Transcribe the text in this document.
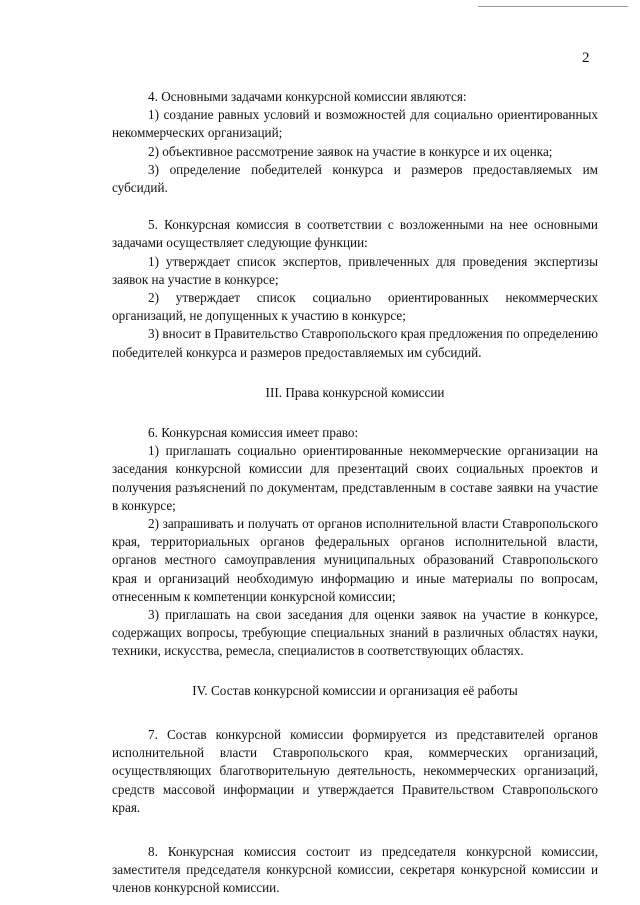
2

4. Основными задачами конкурсной комиссии являются:

1) создание равных условий и возможностей для социально ориентированных некоммерческих организаций;

2) объективное рассмотрение заявок на участие в конкурсе и их оценка;

3) определение победителей конкурса и размеров предоставляемых им субсидий.

5. Конкурсная комиссия в соответствии с возложенными на нее основными задачами осуществляет следующие функции:

1) утверждает список экспертов, привлеченных для проведения экспертизы заявок на участие в конкурсе;

2) утверждает список социально ориентированных некоммерческих организаций, не допущенных к участию в конкурсе;

3) вносит в Правительство Ставропольского края предложения по определению победителей конкурса и размеров предоставляемых им субсидий.

III. Права конкурсной комиссии

6. Конкурсная комиссия имеет право:

1) приглашать социально ориентированные некоммерческие организации на заседания конкурсной комиссии для презентаций своих социальных проектов и получения разъяснений по документам, представленным в составе заявки на участие в конкурсе;

2) запрашивать и получать от органов исполнительной власти Ставропольского края, территориальных органов федеральных органов исполнительной власти, органов местного самоуправления муниципальных образований Ставропольского края и организаций необходимую информацию и иные материалы по вопросам, отнесенным к компетенции конкурсной комиссии;

3) приглашать на свои заседания для оценки заявок на участие в конкурсе, содержащих вопросы, требующие специальных знаний в различных областях науки, техники, искусства, ремесла, специалистов в соответствующих областях.

IV. Состав конкурсной комиссии и организация её работы

7. Состав конкурсной комиссии формируется из представителей органов исполнительной власти Ставропольского края, коммерческих организаций, осуществляющих благотворительную деятельность, некоммерческих организаций, средств массовой информации и утверждается Правительством Ставропольского края.

8. Конкурсная комиссия состоит из председателя конкурсной комиссии, заместителя председателя конкурсной комиссии, секретаря конкурсной комиссии и членов конкурсной комиссии.
